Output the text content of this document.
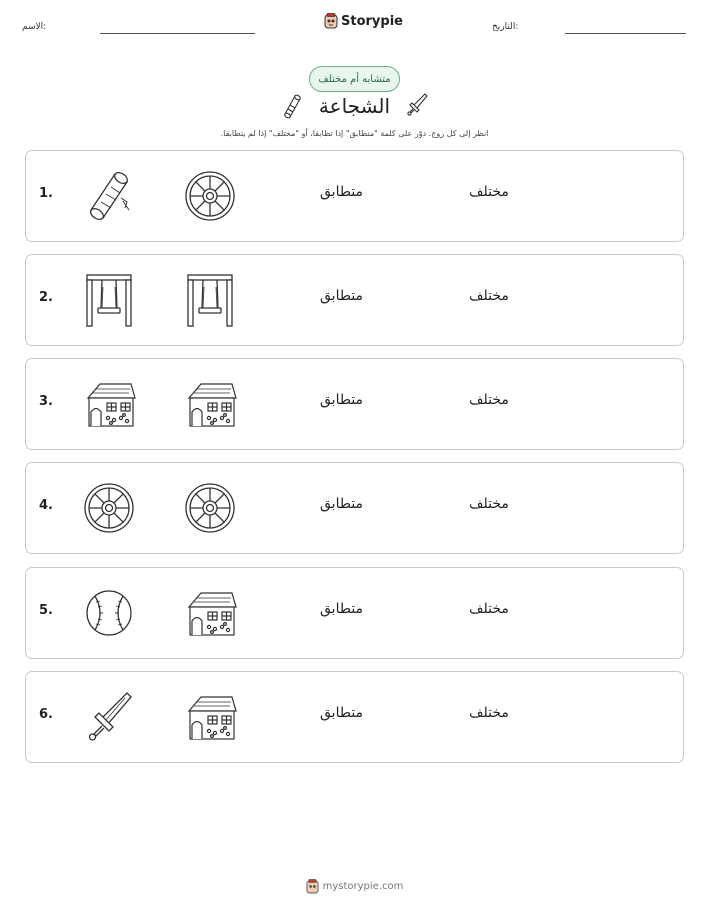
الاسم:	Storypie	التاريخ:
متشابه أم مختلف
الشجاعة
انظر إلى كل زوج. دوّر على كلمة "متطابق" إذا تطابقا، أو "مختلف" إذا لم يتطابقا.
1.	متطابق	مختلف
2.	متطابق	مختلف
3.	متطابق	مختلف
4.	متطابق	مختلف
5.	متطابق	مختلف
6.	متطابق	مختلف
mystorypie.com
